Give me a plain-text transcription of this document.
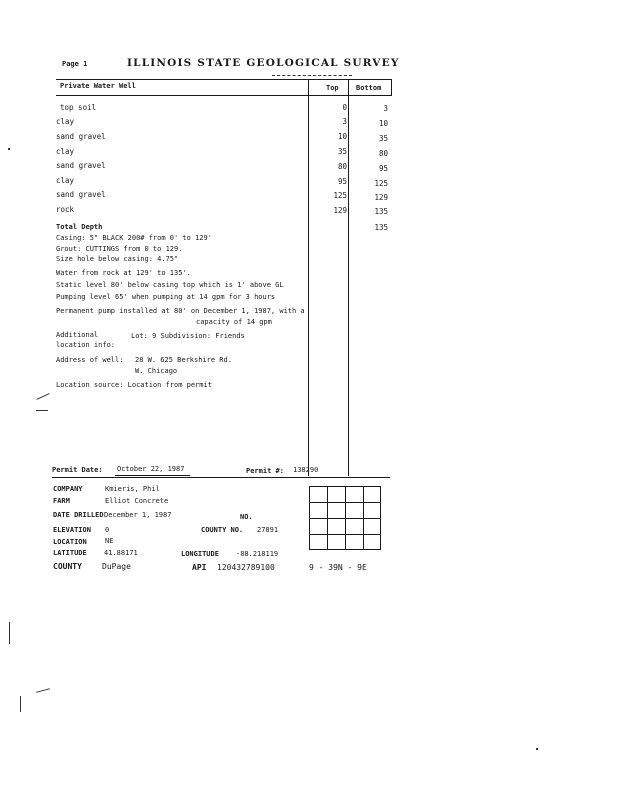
Page 1	ILLINOIS STATE GEOLOGICAL SURVEY
Private Water Well	Top Bottom
top soil	0	3
clay	3	10
sand gravel	10	35
clay	35	80
sand gravel	80	95
clay	95	125
sand gravel	125	129
rock	129	135
Total Depth	135
Casing: 5" BLACK 200# from 0' to 129'
Grout: CUTTINGS from 0 to 129.
Size hole below casing: 4.75"
Water from rock at 129' to 135'.
Static level 80' below casing top which is 1' above GL
Pumping level 65' when pumping at 14 gpm for 3 hours
Permanent pump installed at 80' on December 1, 1987, with a
capacity of 14 gpm
Additional	Lot: 9 Subdivision: Friends
location info:
Address of well: 28 W. 625 Berkshire Rd.
W. Chicago
Location source: Location from permit
Permit Date: October 22, 1987	Permit #: 138290
COMPANY	Kmieris, Phil
FARM	Elliot Concrete
DATE DRILLED December 1, 1987	NO.
ELEVATION 0	COUNTY NO. 27891
LOCATION	NE
LATITUDE 41.88171	LONGITUDE -88.218119
COUNTY	DuPage	API 120432789100	9 - 39N - 9E
